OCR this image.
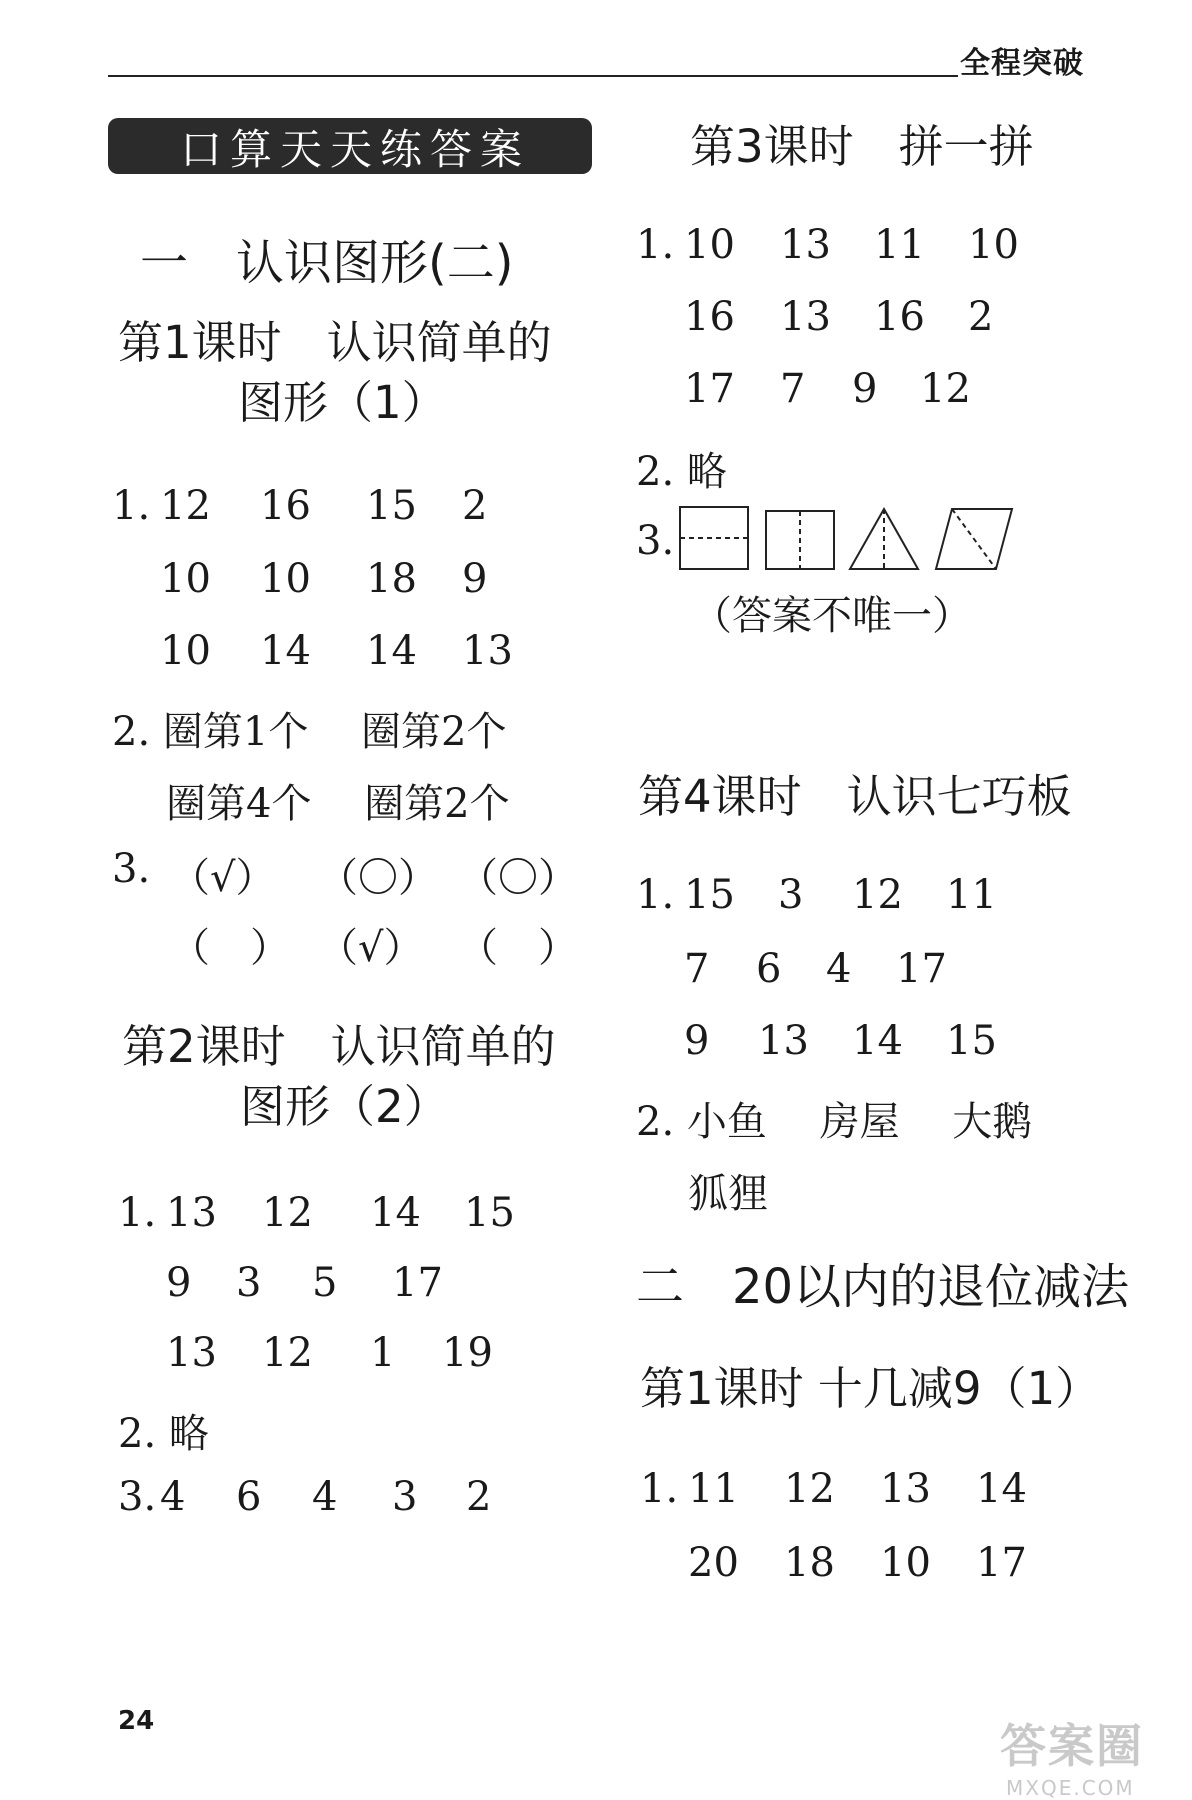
全程突破
口算天天练答案
一　认识图形(二)
第1课时　认识简单的
图形（1）
1. 12 16 15 2
10 10 18 9
10 14 14 13
2. 圈第1个　 圈第2个
圈第4个　 圈第2个
3. （√） （〇） （〇）
（　） （√） （　）
第2课时　认识简单的
图形（2）
1. 13 12 14 15
9 3 5 17
13 12 1 19
2. 略
3. 4 6 4 3 2
第3课时　拼一拼
1. 10 13 11 10
16 13 16 2
17 7 9 12
2. 略
3.
（答案不唯一）
第4课时　认识七巧板
1. 15 3 12 11
7 6 4 17
9 13 14 15
2. 小鱼　 房屋　 大鹅
狐狸
二　20以内的退位减法
第1课时 十几减9（1）
1. 11 12 13 14
20 18 10 17
24	答案圈
MXQE.COM
